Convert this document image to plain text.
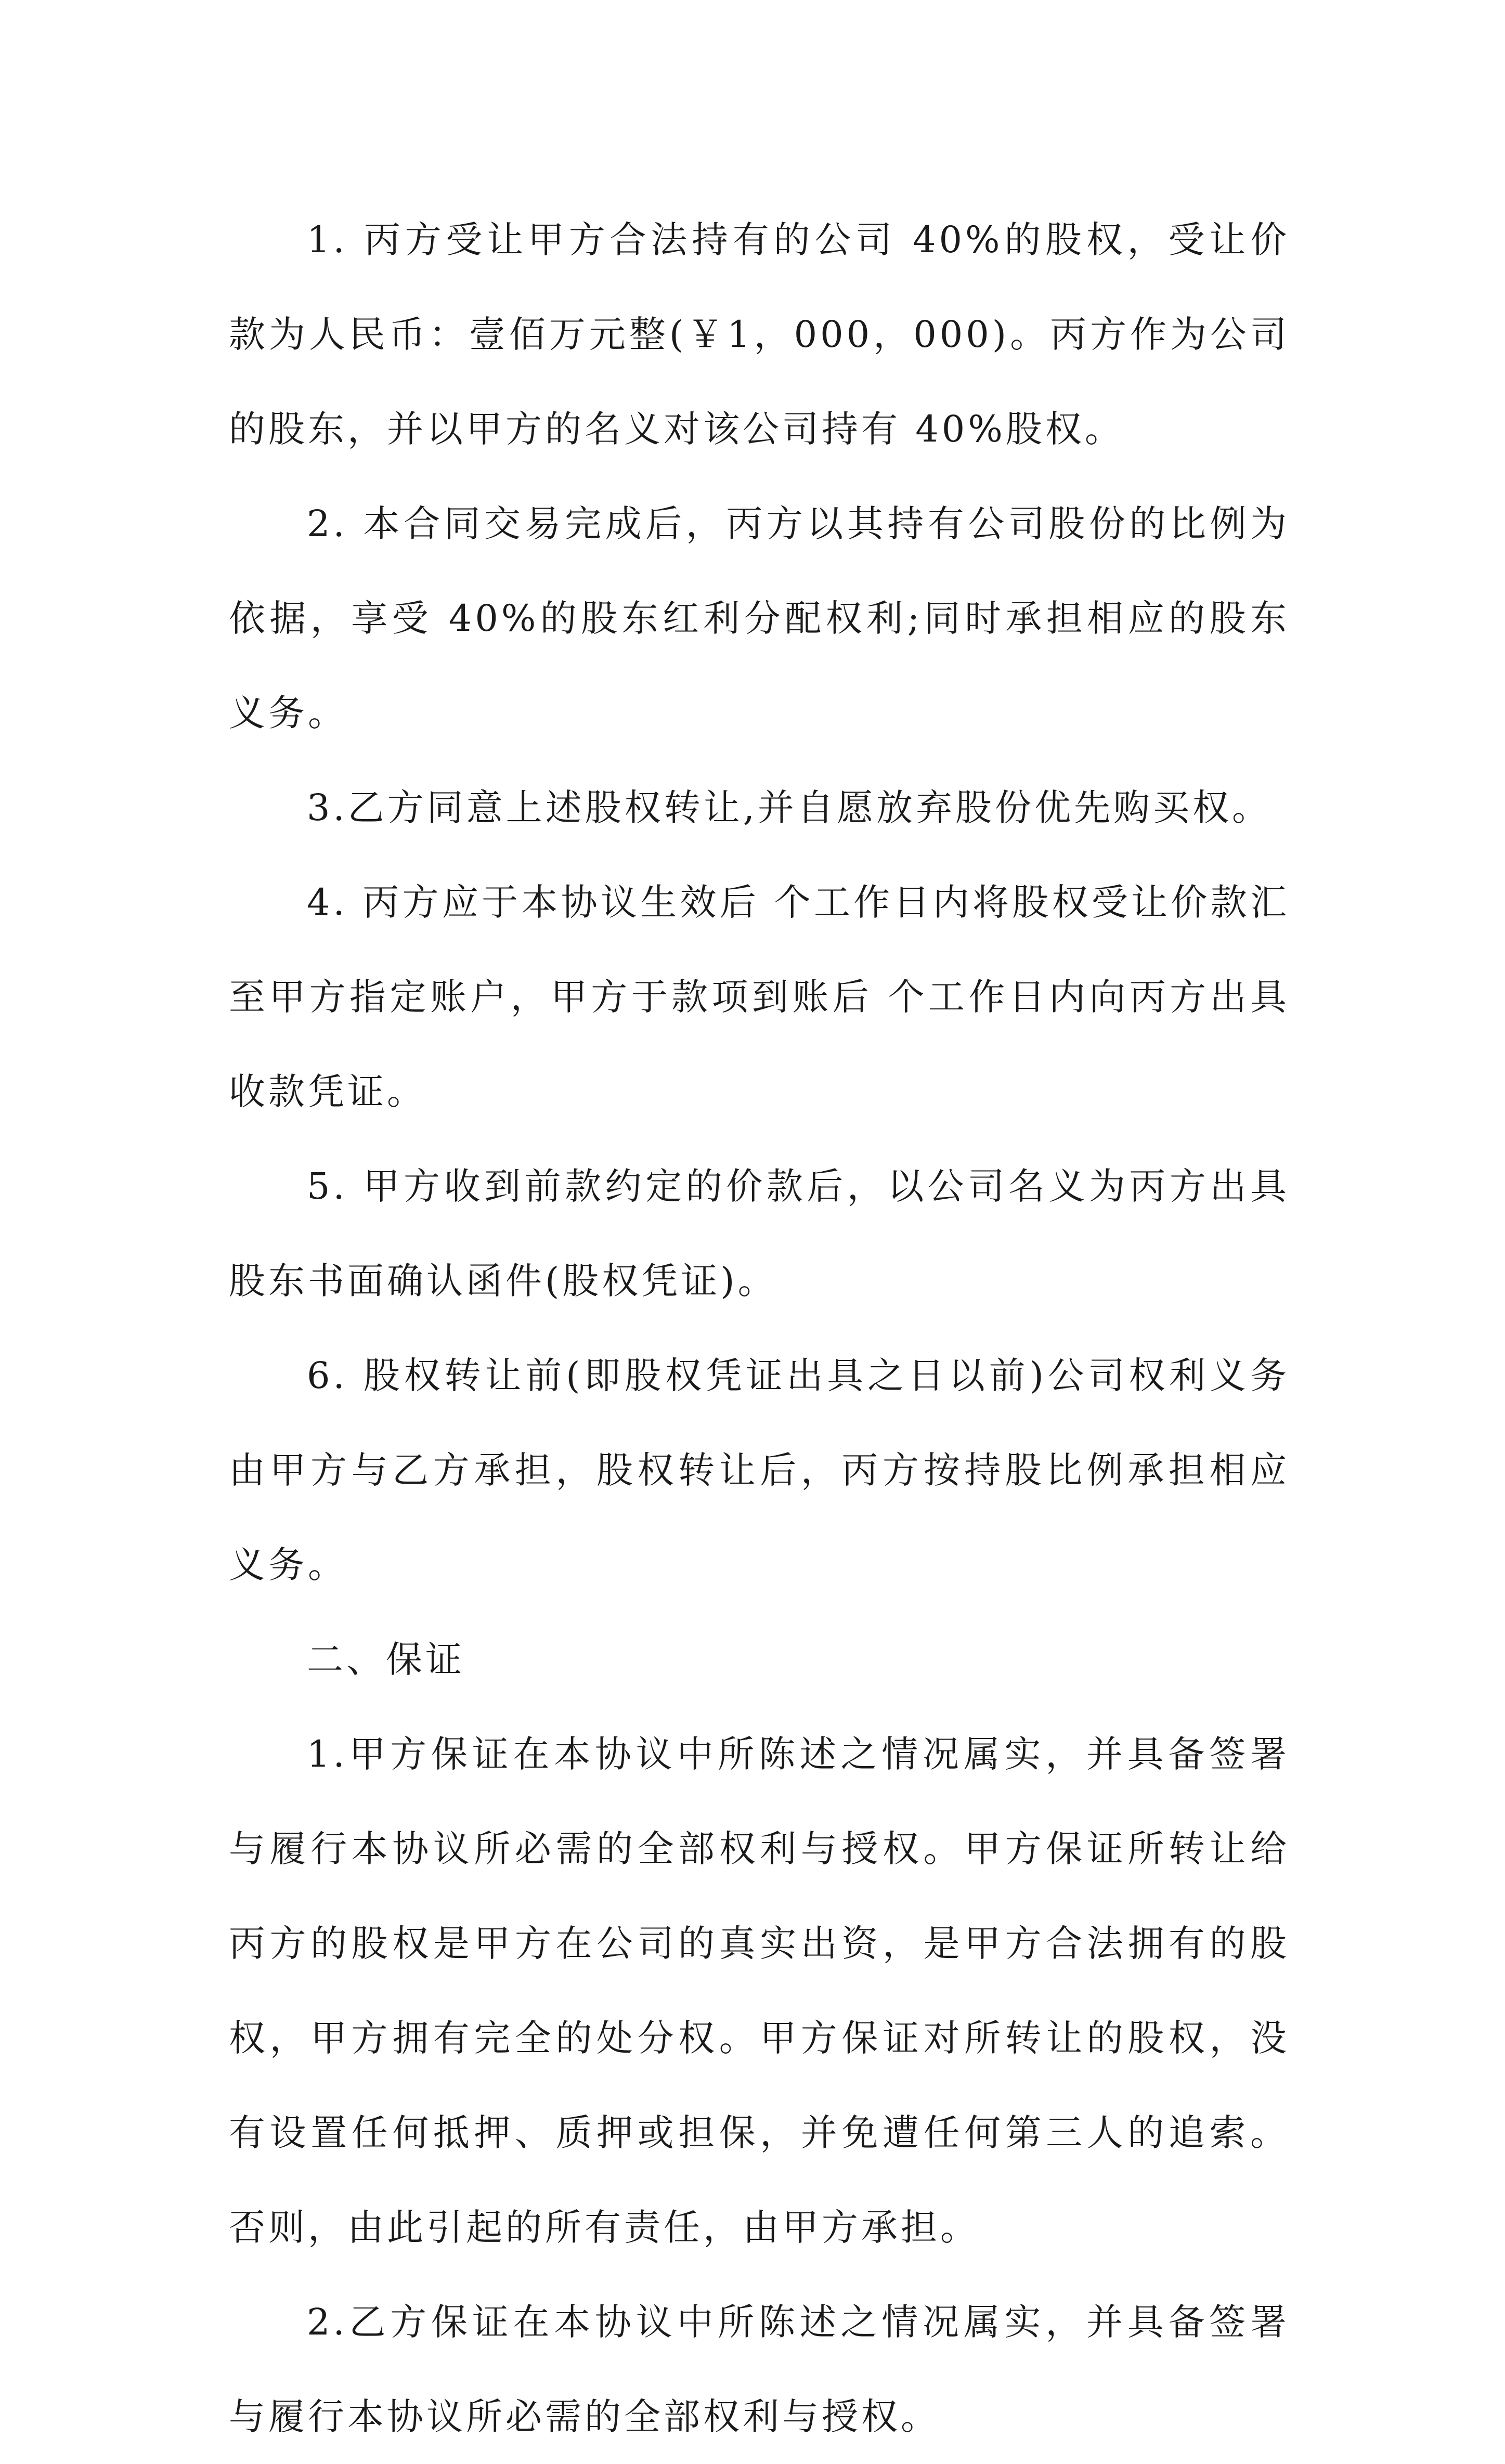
1. 丙方受让甲方合法持有的公司 40%的股权，受让价款为人民币：壹佰万元整(￥1，000，000)。丙方作为公司的股东，并以甲方的名义对该公司持有 40%股权。

2. 本合同交易完成后，丙方以其持有公司股份的比例为依据，享受 40%的股东红利分配权利;同时承担相应的股东义务。

3.乙方同意上述股权转让,并自愿放弃股份优先购买权。

4. 丙方应于本协议生效后 个工作日内将股权受让价款汇至甲方指定账户，甲方于款项到账后 个工作日内向丙方出具收款凭证。

5. 甲方收到前款约定的价款后，以公司名义为丙方出具股东书面确认函件(股权凭证)。

6. 股权转让前(即股权凭证出具之日以前)公司权利义务由甲方与乙方承担，股权转让后，丙方按持股比例承担相应义务。

二、保证

1.甲方保证在本协议中所陈述之情况属实，并具备签署与履行本协议所必需的全部权利与授权。甲方保证所转让给丙方的股权是甲方在公司的真实出资，是甲方合法拥有的股权，甲方拥有完全的处分权。甲方保证对所转让的股权，没有设置任何抵押、质押或担保，并免遭任何第三人的追索。否则，由此引起的所有责任，由甲方承担。

2.乙方保证在本协议中所陈述之情况属实，并具备签署与履行本协议所必需的全部权利与授权。
